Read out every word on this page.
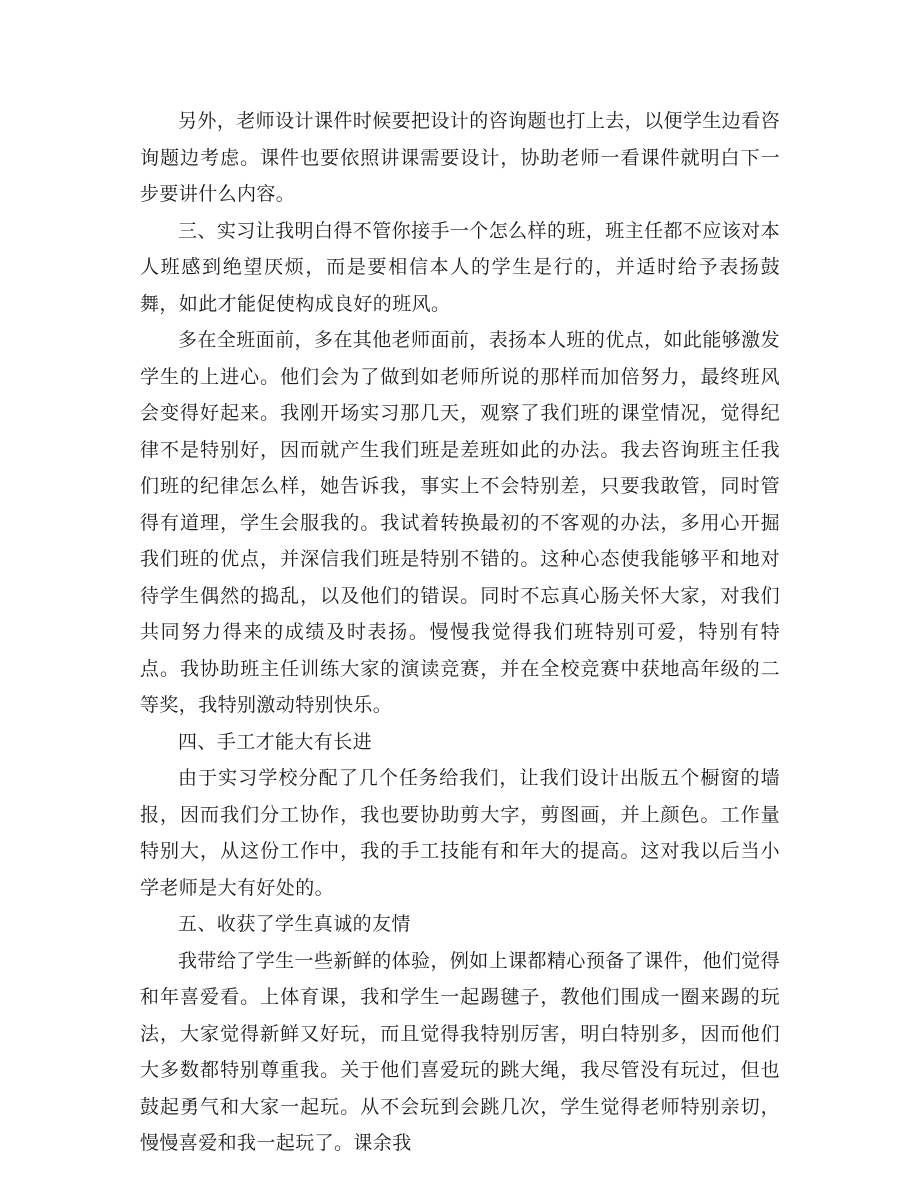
另外，老师设计课件时候要把设计的咨询题也打上去，以便学生边看咨询题边考虑。课件也要依照讲课需要设计，协助老师一看课件就明白下一步要讲什么内容。

三、实习让我明白得不管你接手一个怎么样的班，班主任都不应该对本人班感到绝望厌烦，而是要相信本人的学生是行的，并适时给予表扬鼓舞，如此才能促使构成良好的班风。

多在全班面前，多在其他老师面前，表扬本人班的优点，如此能够激发学生的上进心。他们会为了做到如老师所说的那样而加倍努力，最终班风会变得好起来。我刚开场实习那几天，观察了我们班的课堂情况，觉得纪律不是特别好，因而就产生我们班是差班如此的办法。我去咨询班主任我们班的纪律怎么样，她告诉我，事实上不会特别差，只要我敢管，同时管得有道理，学生会服我的。我试着转换最初的不客观的办法，多用心开掘我们班的优点，并深信我们班是特别不错的。这种心态使我能够平和地对待学生偶然的捣乱，以及他们的错误。同时不忘真心肠关怀大家，对我们共同努力得来的成绩及时表扬。慢慢我觉得我们班特别可爱，特别有特点。我协助班主任训练大家的演读竞赛，并在全校竞赛中获地高年级的二等奖，我特别激动特别快乐。

四、手工才能大有长进

由于实习学校分配了几个任务给我们，让我们设计出版五个橱窗的墙报，因而我们分工协作，我也要协助剪大字，剪图画，并上颜色。工作量特别大，从这份工作中，我的手工技能有和年大的提高。这对我以后当小学老师是大有好处的。

五、收获了学生真诚的友情

我带给了学生一些新鲜的体验，例如上课都精心预备了课件，他们觉得和年喜爱看。上体育课，我和学生一起踢毽子，教他们围成一圈来踢的玩法，大家觉得新鲜又好玩，而且觉得我特别厉害，明白特别多，因而他们大多数都特别尊重我。关于他们喜爱玩的跳大绳，我尽管没有玩过，但也鼓起勇气和大家一起玩。从不会玩到会跳几次，学生觉得老师特别亲切，慢慢喜爱和我一起玩了。课余我
